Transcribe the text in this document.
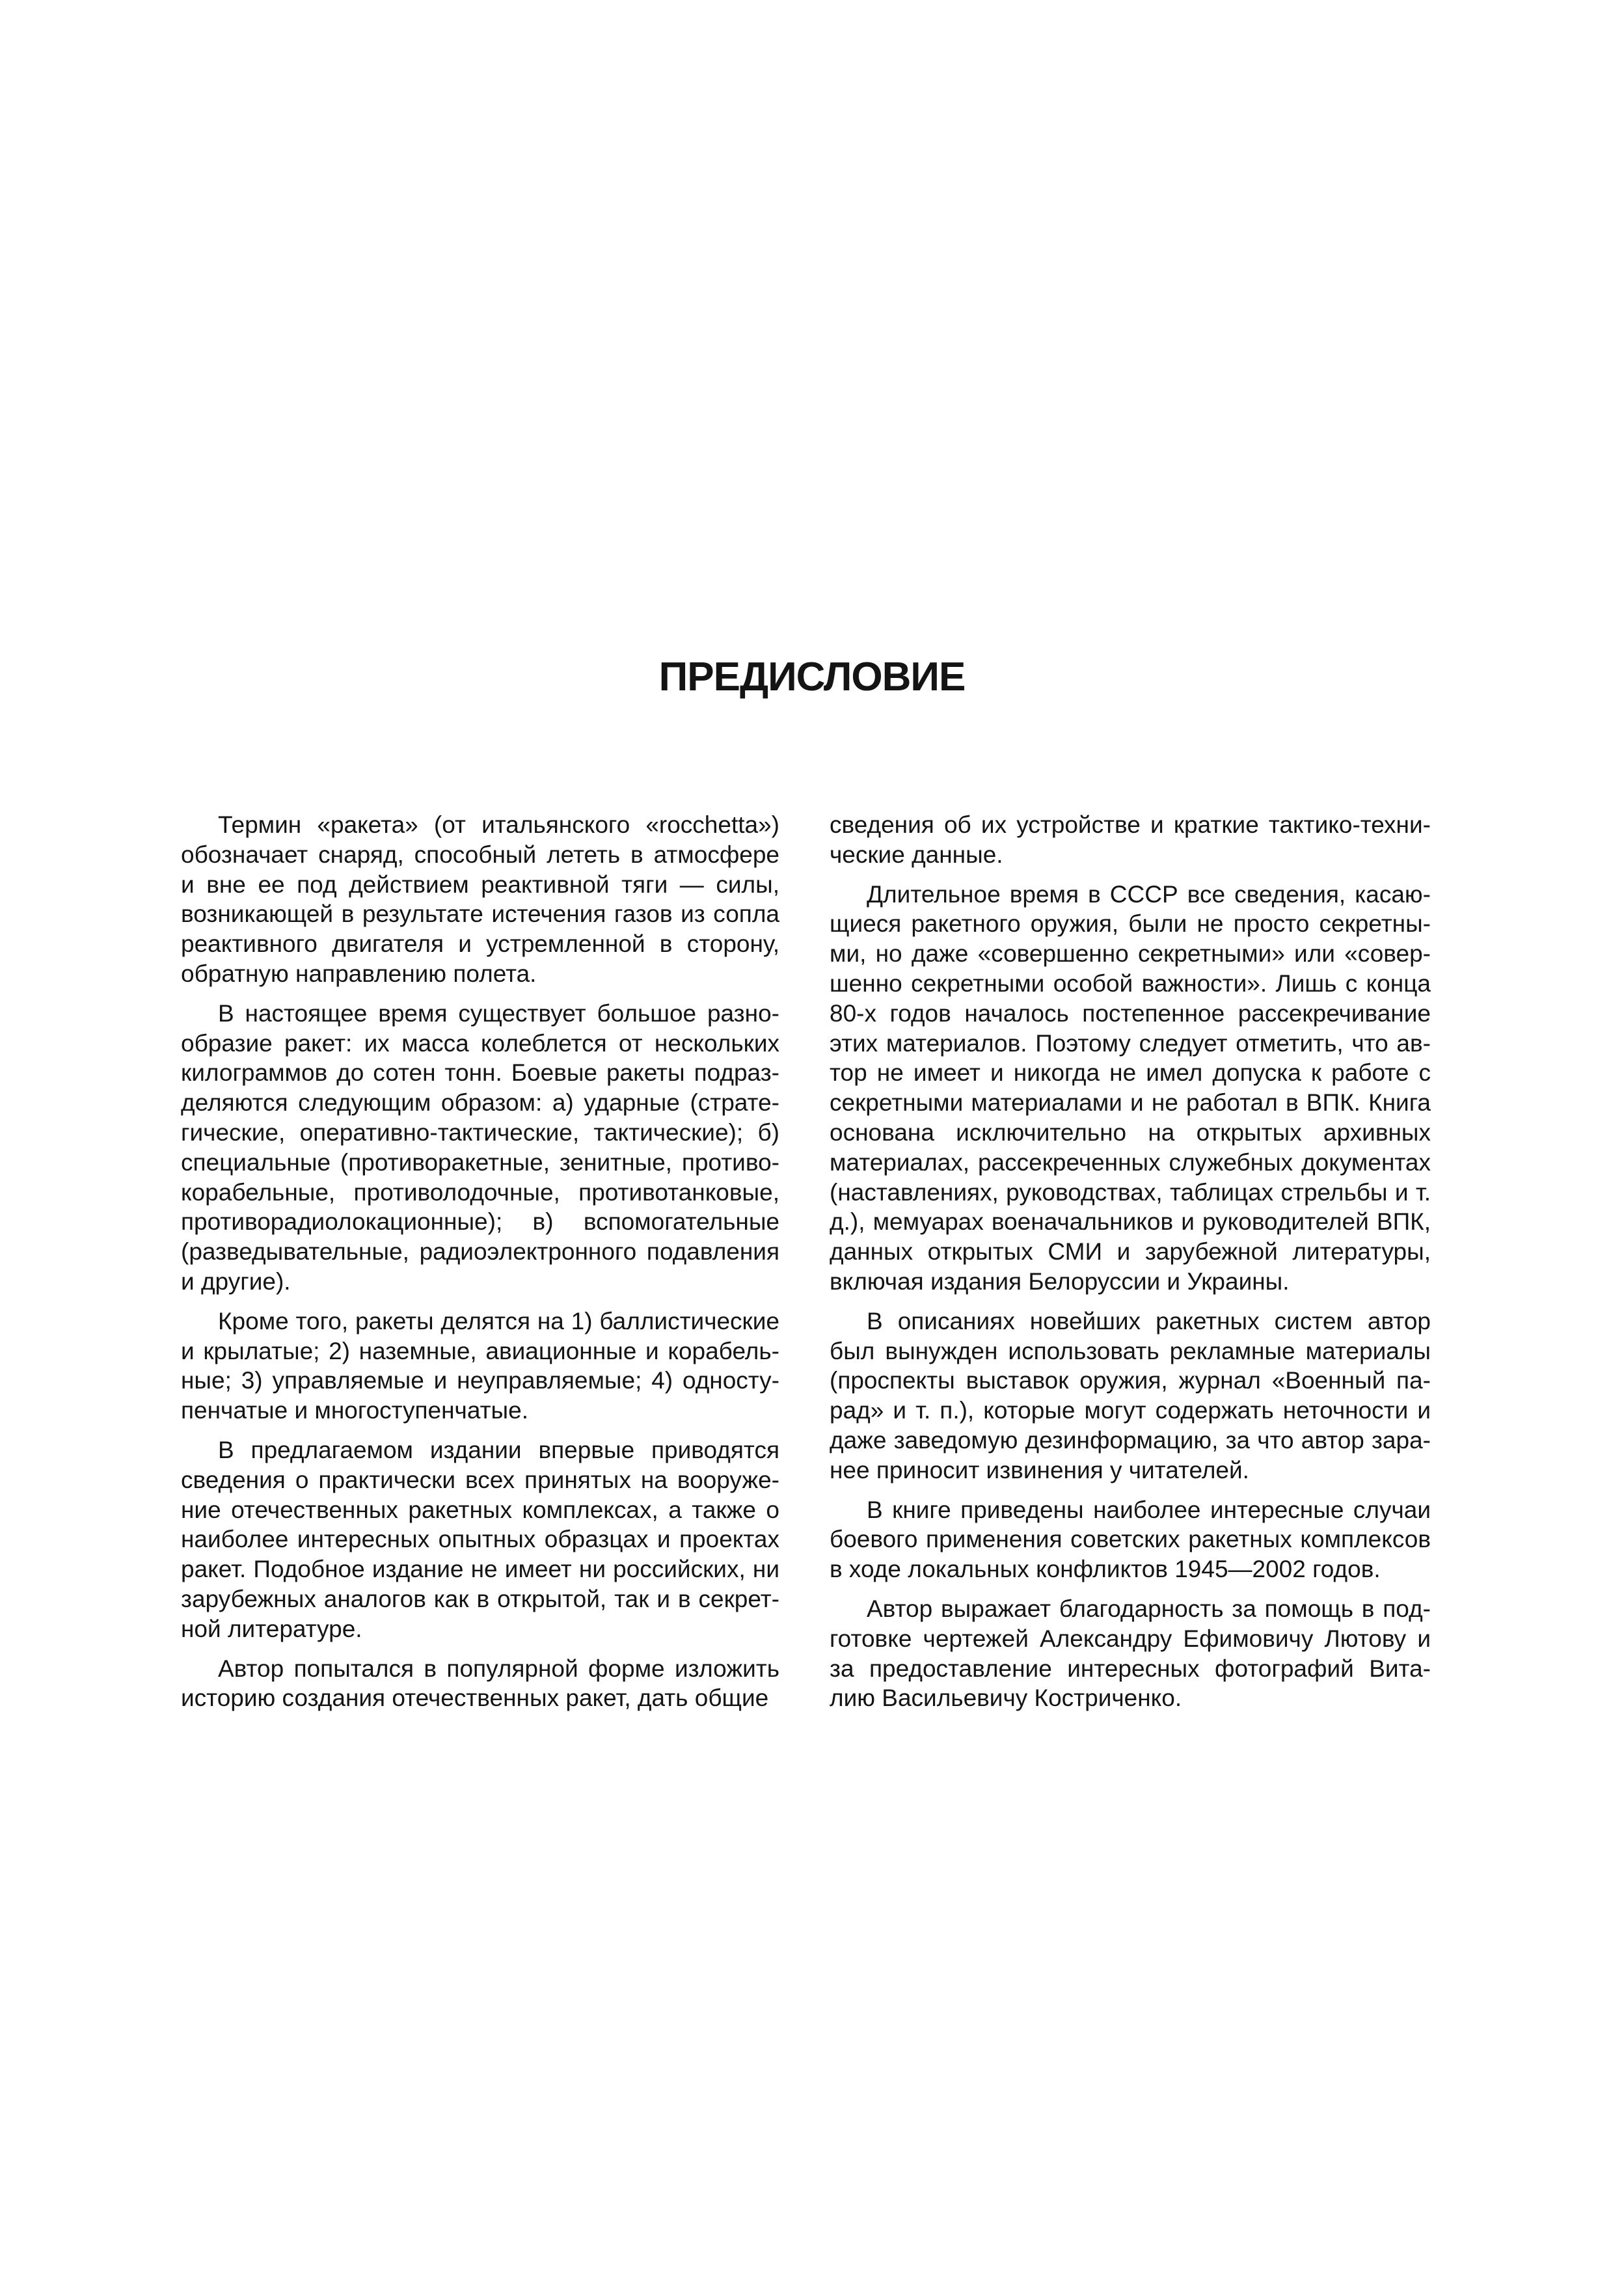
ПРЕДИСЛОВИЕ

Термин «ракета» (от итальянского «rocchetta») обозначает снаряд, способный лететь в атмосфере и вне ее под действием реактивной тяги — силы, возникающей в результате истечения газов из сопла реактивного двигателя и устремленной в сторону, обратную направлению полета.

В настоящее время существует большое разнообразие ракет: их масса колеблется от нескольких килограммов до сотен тонн. Боевые ракеты подразделяются следующим образом: а) ударные (стратегические, оперативно-тактические, тактические); б) специальные (противоракетные, зенитные, противокорабельные, противолодочные, противотанковые, противорадиолокационные); в) вспомогательные (разведывательные, радиоэлектронного подавления и другие).

Кроме того, ракеты делятся на 1) баллистические и крылатые; 2) наземные, авиационные и корабельные; 3) управляемые и неуправляемые; 4) одноступенчатые и многоступенчатые.

В предлагаемом издании впервые приводятся сведения о практически всех принятых на вооружение отечественных ракетных комплексах, а также о наиболее интересных опытных образцах и проектах ракет. Подобное издание не имеет ни российских, ни зарубежных аналогов как в открытой, так и в секретной литературе.

Автор попытался в популярной форме изложить историю создания отечественных ракет, дать общие

сведения об их устройстве и краткие тактико-технические данные.

Длительное время в СССР все сведения, касающиеся ракетного оружия, были не просто секретными, но даже «совершенно секретными» или «совершенно секретными особой важности». Лишь с конца 80-х годов началось постепенное рассекречивание этих материалов. Поэтому следует отметить, что автор не имеет и никогда не имел допуска к работе с секретными материалами и не работал в ВПК. Книга основана исключительно на открытых архивных материалах, рассекреченных служебных документах (наставлениях, руководствах, таблицах стрельбы и т. д.), мемуарах военачальников и руководителей ВПК, данных открытых СМИ и зарубежной литературы, включая издания Белоруссии и Украины.

В описаниях новейших ракетных систем автор был вынужден использовать рекламные материалы (проспекты выставок оружия, журнал «Военный парад» и т. п.), которые могут содержать неточности и даже заведомую дезинформацию, за что автор заранее приносит извинения у читателей.

В книге приведены наиболее интересные случаи боевого применения советских ракетных комплексов в ходе локальных конфликтов 1945—2002 годов.

Автор выражает благодарность за помощь в подготовке чертежей Александру Ефимовичу Лютову и за предоставление интересных фотографий Виталию Васильевичу Костриченко.
